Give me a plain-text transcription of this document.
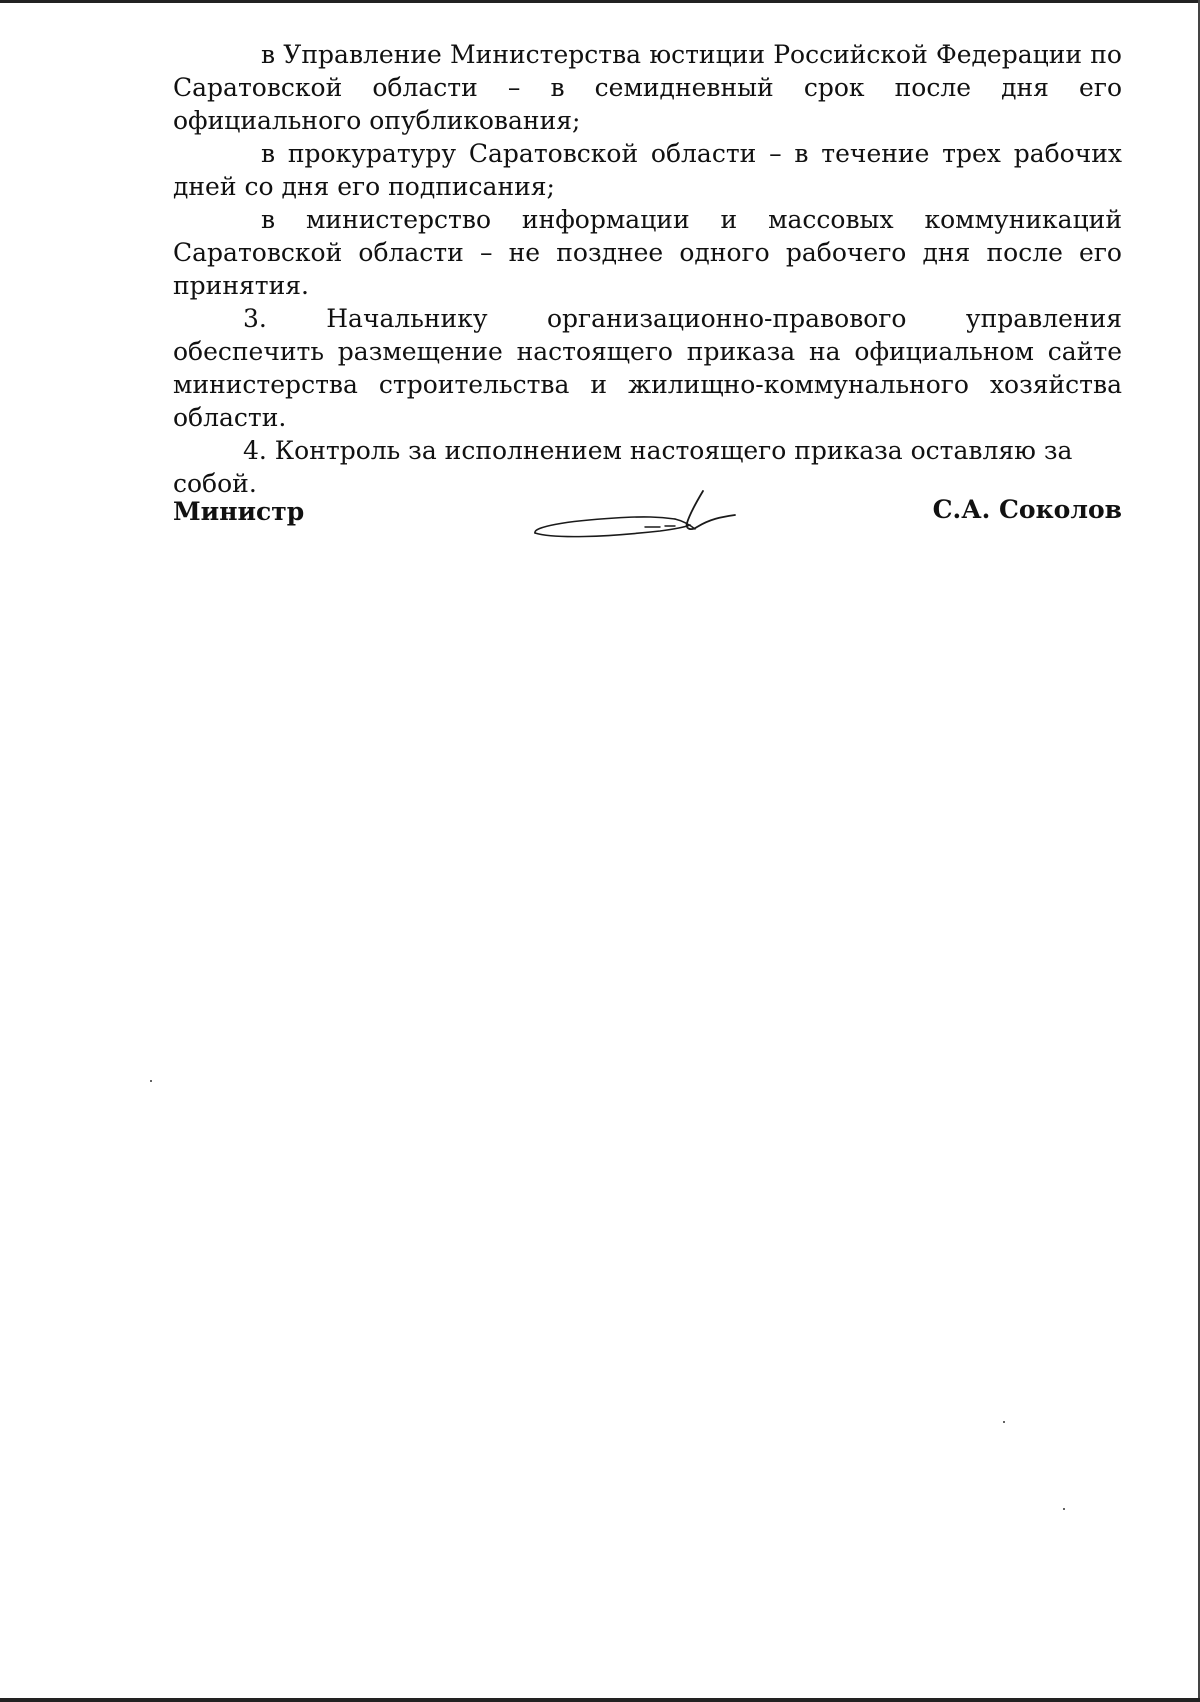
в Управление Министерства юстиции Российской Федерации по Саратовской области – в семидневный срок после дня его официального опубликования;

в прокуратуру Саратовской области – в течение трех рабочих дней со дня его подписания;

в министерство информации и массовых коммуникаций Саратовской области – не позднее одного рабочего дня после его принятия.

3. Начальнику организационно-правового управления обеспечить размещение настоящего приказа на официальном сайте министерства строительства и жилищно-коммунального хозяйства области.

4. Контроль за исполнением настоящего приказа оставляю за собой.

Министр	С.А. Соколов
